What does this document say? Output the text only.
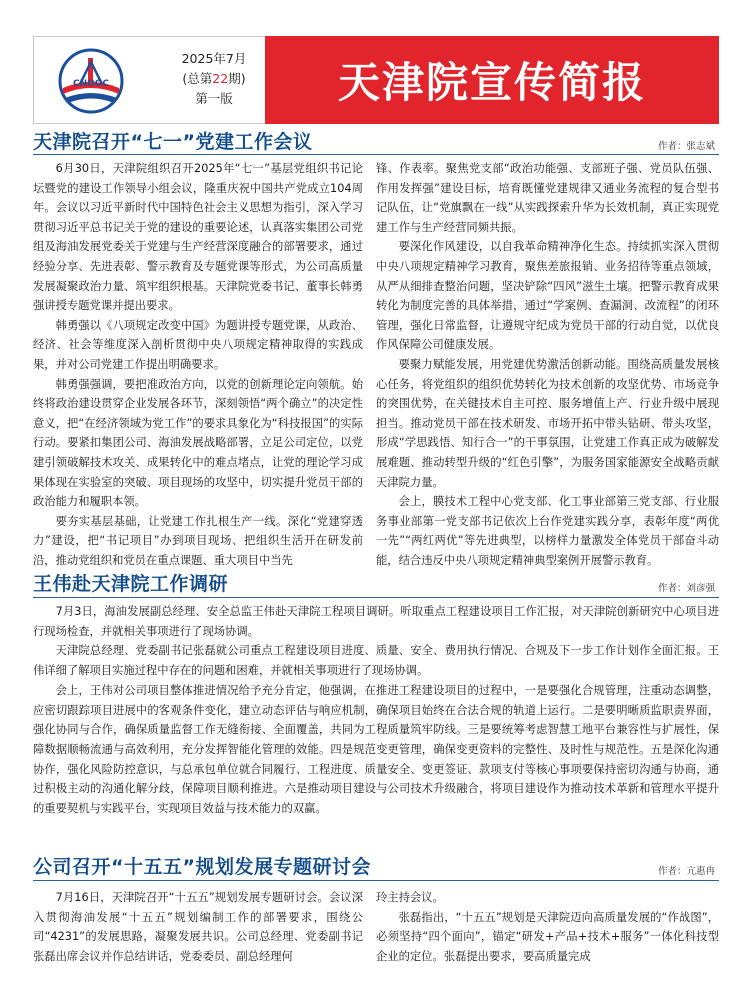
CNOOC
2025年7月
(总第22期)
第一版	天津院宣传简报
天津院召开“七一”党建工作会议	作者：张志斌

6月30日，天津院组织召开2025年“七一”基层党组织书记论坛暨党的建设工作领导小组会议，隆重庆祝中国共产党成立104周年。会议以习近平新时代中国特色社会主义思想为指引，深入学习贯彻习近平总书记关于党的建设的重要论述，认真落实集团公司党组及海油发展党委关于党建与生产经营深度融合的部署要求，通过经验分享、先进表彰、警示教育及专题党课等形式，为公司高质量发展凝聚政治力量、筑牢组织根基。天津院党委书记、董事长韩勇强讲授专题党课并提出要求。

韩勇强以《八项规定改变中国》为题讲授专题党课，从政治、经济、社会等维度深入剖析贯彻中央八项规定精神取得的实践成果，并对公司党建工作提出明确要求。

韩勇强强调，要把准政治方向，以党的创新理论定向领航。始终将政治建设贯穿企业发展各环节，深刻领悟“两个确立”的决定性意义，把“在经济领域为党工作”的要求具象化为“科技报国”的实际行动。要紧扣集团公司、海油发展战略部署，立足公司定位，以党建引领破解技术攻关、成果转化中的难点堵点，让党的理论学习成果体现在实验室的突破、项目现场的攻坚中，切实提升党员干部的政治能力和履职本领。

要夯实基层基础，让党建工作扎根生产一线。深化“党建穿透力”建设，把“书记项目”办到项目现场、把组织生活开在研发前沿，推动党组织和党员在重点课题、重大项目中当先

锋、作表率。聚焦党支部“政治功能强、支部班子强、党员队伍强、作用发挥强”建设目标，培育既懂党建规律又通业务流程的复合型书记队伍，让“党旗飘在一线”从实践探索升华为长效机制，真正实现党建工作与生产经营同频共振。

要深化作风建设，以自我革命精神净化生态。持续抓实深入贯彻中央八项规定精神学习教育，聚焦差旅报销、业务招待等重点领域，从严从细排查整治问题，坚决铲除“四风”滋生土壤。把警示教育成果转化为制度完善的具体举措，通过“学案例、查漏洞、改流程”的闭环管理，强化日常监督，让遵规守纪成为党员干部的行动自觉，以优良作风保障公司健康发展。

要聚力赋能发展，用党建优势激活创新动能。围绕高质量发展核心任务，将党组织的组织优势转化为技术创新的攻坚优势、市场竞争的突围优势，在关键技术自主可控、服务增值上产、行业升级中展现担当。推动党员干部在技术研发、市场开拓中带头钻研、带头攻坚，形成“学思践悟、知行合一”的干事氛围，让党建工作真正成为破解发展难题、推动转型升级的“红色引擎”，为服务国家能源安全战略贡献天津院力量。

会上，膜技术工程中心党支部、化工事业部第三党支部、行业服务事业部第一党支部书记依次上台作党建实践分享，表彰年度“两优一先”“两红两优”等先进典型，以榜样力量激发全体党员干部奋斗动能，结合违反中央八项规定精神典型案例开展警示教育。

王伟赴天津院工作调研	作者：刘彦强

7月3日，海油发展副总经理、安全总监王伟赴天津院工程项目调研。听取重点工程建设项目工作汇报，对天津院创新研究中心项目进行现场检查，并就相关事项进行了现场协调。

天津院总经理、党委副书记张磊就公司重点工程建设项目进度、质量、安全、费用执行情况、合规及下一步工作计划作全面汇报。王伟详细了解项目实施过程中存在的问题和困难，并就相关事项进行了现场协调。

会上，王伟对公司项目整体推进情况给予充分肯定，他强调，在推进工程建设项目的过程中，一是要强化合规管理，注重动态调整，应密切跟踪项目进展中的客观条件变化，建立动态评估与响应机制，确保项目始终在合法合规的轨道上运行。二是要明晰质监职责界面，强化协同与合作，确保质量监督工作无缝衔接、全面覆盖，共同为工程质量筑牢防线。三是要统筹考虑智慧工地平台兼容性与扩展性，保障数据顺畅流通与高效利用，充分发挥智能化管理的效能。四是规范变更管理，确保变更资料的完整性、及时性与规范性。五是深化沟通协作，强化风险防控意识，与总承包单位就合同履行、工程进度、质量安全、变更签证、款项支付等核心事项要保持密切沟通与协商，通过积极主动的沟通化解分歧，保障项目顺利推进。六是推动项目建设与公司技术升级融合，将项目建设作为推动技术革新和管理水平提升的重要契机与实践平台，实现项目效益与技术能力的双赢。

公司召开“十五五”规划发展专题研讨会	作者：亢惠冉

7月16日，天津院召开“十五五”规划发展专题研讨会。会议深入贯彻海油发展“十五五”规划编制工作的部署要求，围绕公司“4231”的发展思路，凝聚发展共识。公司总经理、党委副书记张磊出席会议并作总结讲话，党委委员、副总经理何

玲主持会议。

张磊指出，“十五五”规划是天津院迈向高质量发展的“作战图”，必须坚持“四个面向”，锚定“研发+产品+技术+服务”一体化科技型企业的定位。张磊提出要求，要高质量完成
